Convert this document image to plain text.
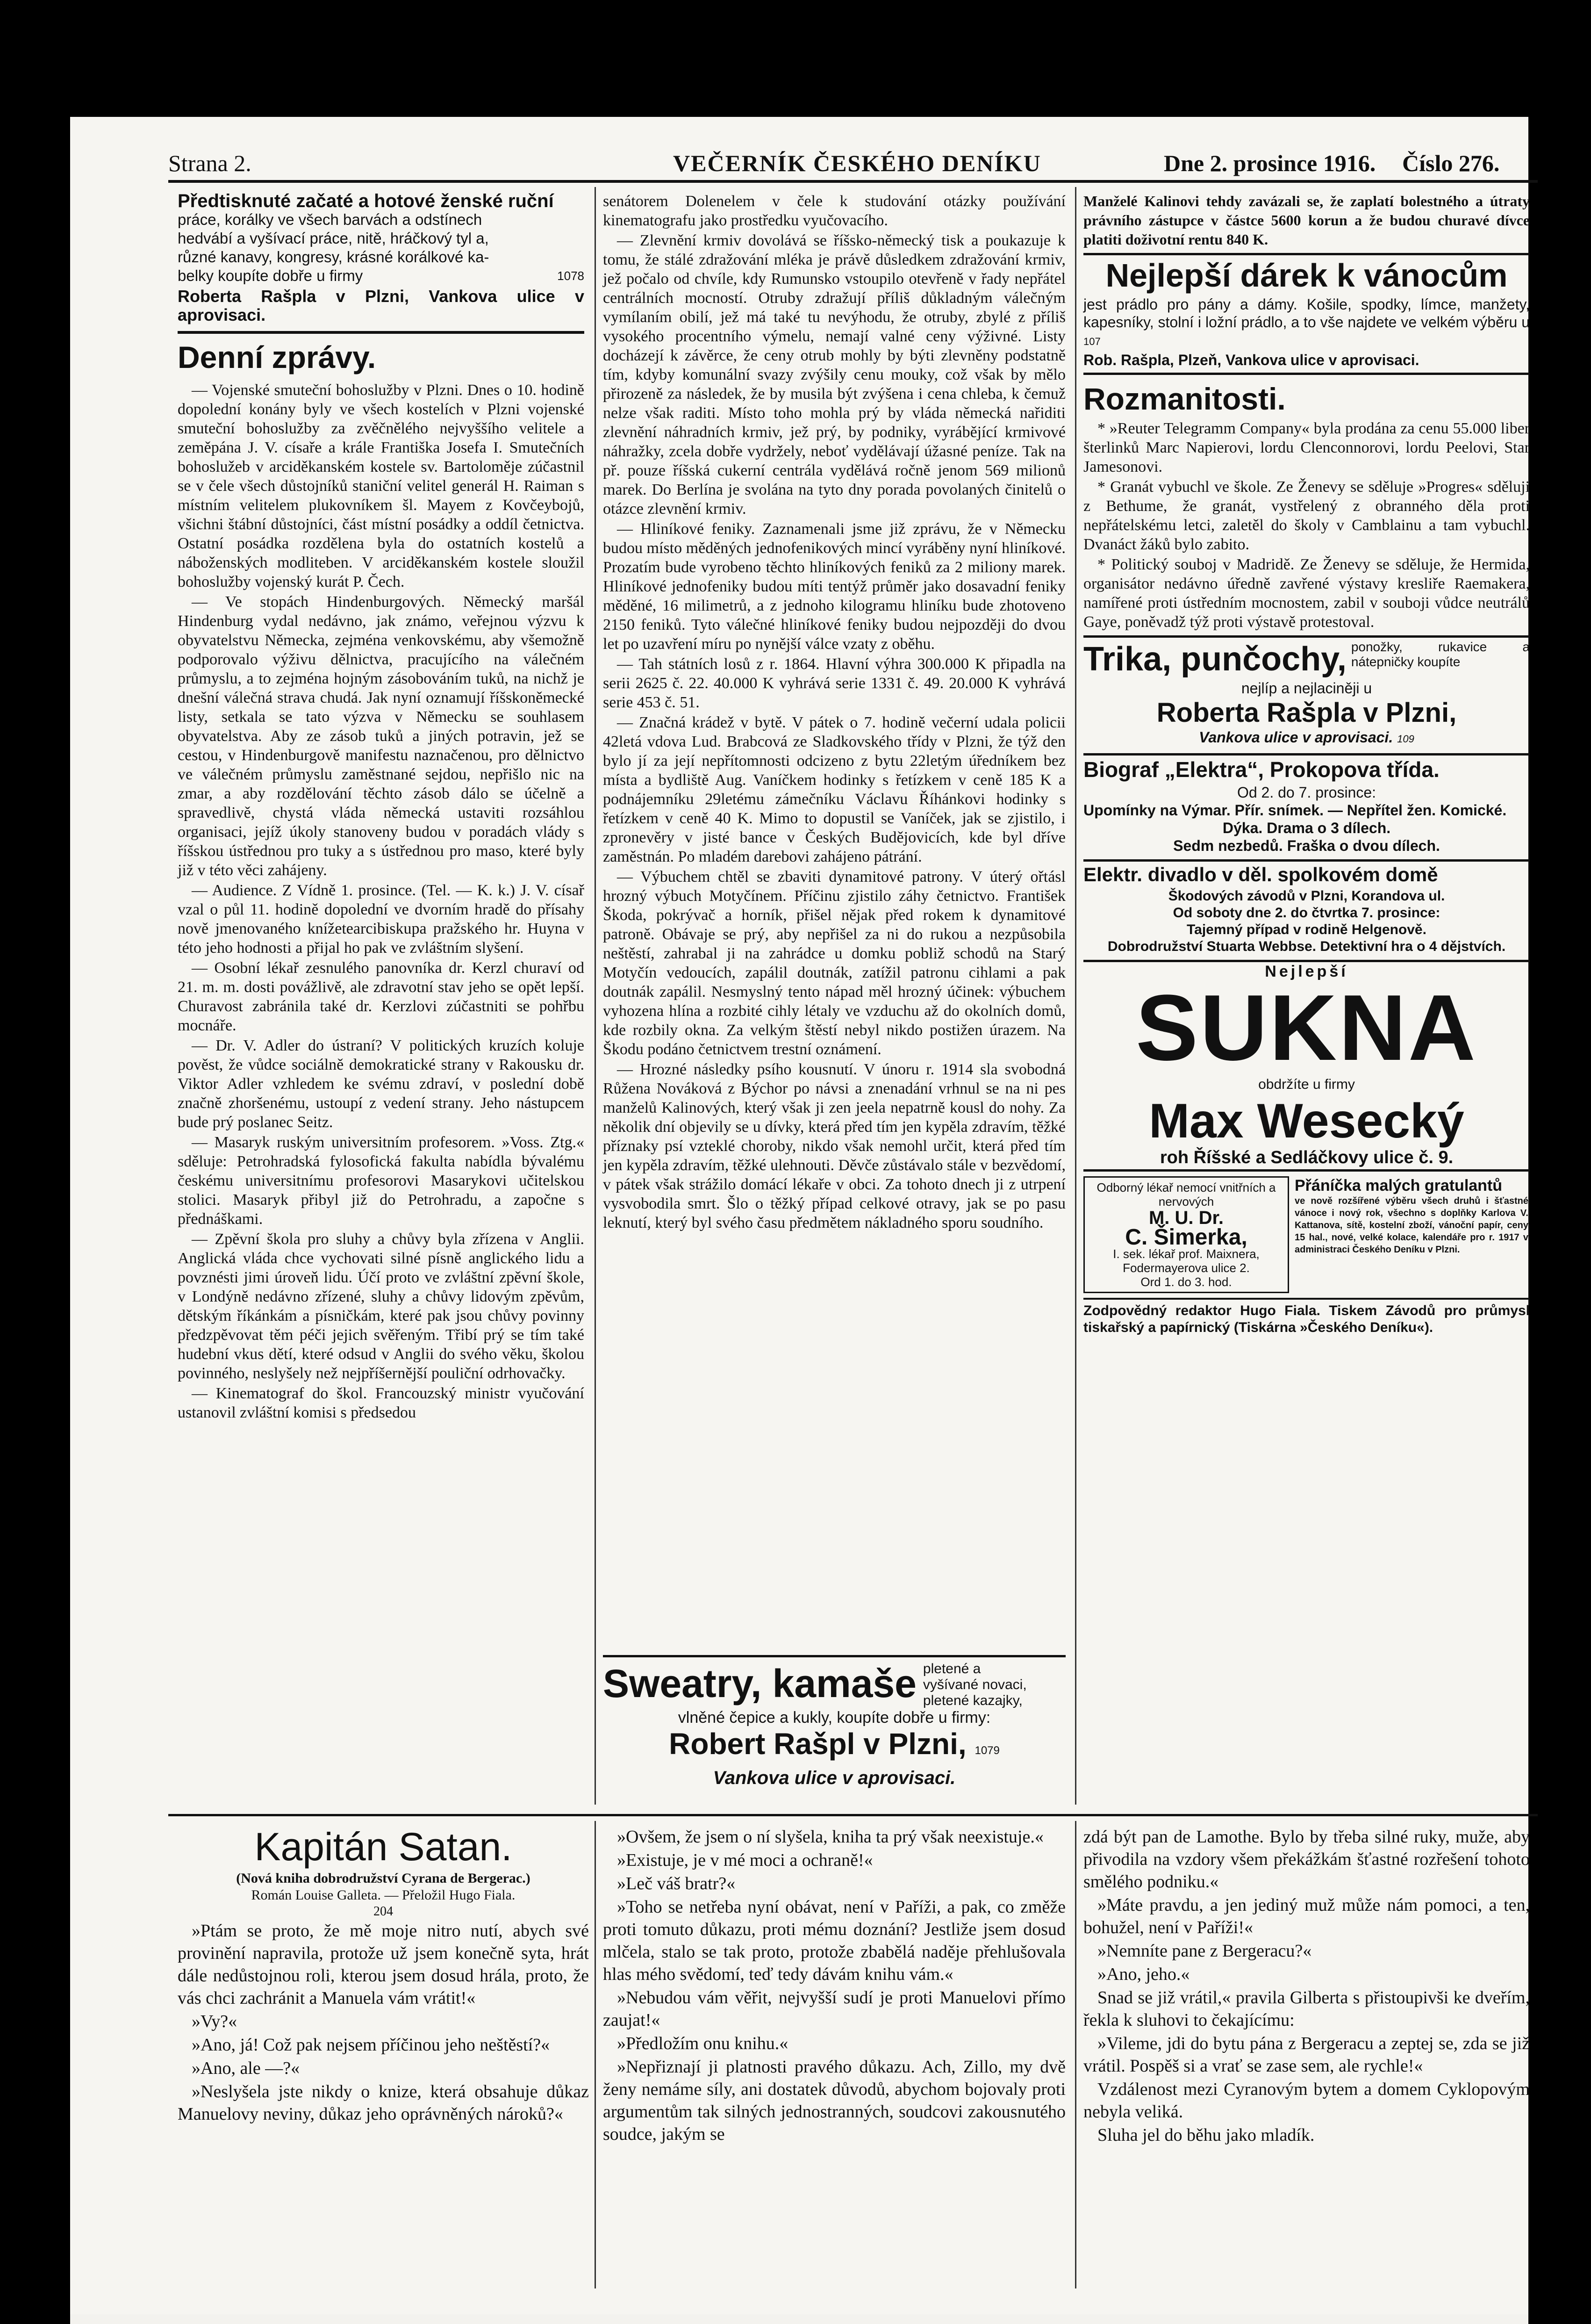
Strana 2.	VEČERNÍK ČESKÉHO DENÍKU	Dne 2. prosince 1916. Číslo 276.
Předtisknuté začaté a hotové ženské ruční
práce, korálky ve všech barvách a odstínech
hedvábí a vyšívací práce, nitě, hráčkový tyl a,
různé kanavy, kongresy, krásné korálkové ka-
belky koupíte dobře u firmy	1078
Roberta Rašpla v Plzni, Vankova ulice v aprovisaci.
Denní zprávy.

— Vojenské smuteční bohoslužby v Plzni. Dnes o 10. hodině dopolední konány byly ve všech kostelích v Plzni vojenské smuteční bohoslužby za zvěčnělého nejvyššího velitele a zeměpána J. V. císaře a krále Františka Josefa I. Smutečních bohoslužeb v arciděkanském kostele sv. Bartoloměje zúčastnil se v čele všech důstojníků staniční velitel generál H. Raiman s místním velitelem plukovníkem šl. Mayem z Kovčeybojů, všichni štábní důstojníci, část místní posádky a oddíl četnictva. Ostatní posádka rozdělena byla do ostatních kostelů a náboženských modliteben. V arciděkanském kostele sloužil bohoslužby vojenský kurát P. Čech.

— Ve stopách Hindenburgových. Německý maršál Hindenburg vydal nedávno, jak známo, veřejnou výzvu k obyvatelstvu Německa, zejména venkovskému, aby všemožně podporovalo výživu dělnictva, pracujícího na válečném průmyslu, a to zejména hojným zásobováním tuků, na nichž je dnešní válečná strava chudá. Jak nyní oznamují říšskoněmecké listy, setkala se tato výzva v Německu se souhlasem obyvatelstva. Aby ze zásob tuků a jiných potravin, jež se cestou, v Hindenburgově manifestu naznačenou, pro dělnictvo ve válečném průmyslu zaměstnané sejdou, nepřišlo nic na zmar, a aby rozdělování těchto zásob dálo se účelně a spravedlivě, chystá vláda německá ustaviti rozsáhlou organisaci, jejíž úkoly stanoveny budou v poradách vlády s říšskou ústřednou pro tuky a s ústřednou pro maso, které byly již v této věci zahájeny.

— Audience. Z Vídně 1. prosince. (Tel. — K. k.) J. V. císař vzal o půl 11. hodině dopolední ve dvorním hradě do přísahy nově jmenovaného knížetearcibiskupa pražského hr. Huyna v této jeho hodnosti a přijal ho pak ve zvláštním slyšení.

— Osobní lékař zesnulého panovníka dr. Kerzl churaví od 21. m. m. dosti povážlivě, ale zdravotní stav jeho se opět lepší. Churavost zabránila také dr. Kerzlovi zúčastniti se pohřbu mocnáře.

— Dr. V. Adler do ústraní? V politických kruzích koluje pověst, že vůdce sociálně demokratické strany v Rakousku dr. Viktor Adler vzhledem ke svému zdraví, v poslední době značně zhoršenému, ustoupí z vedení strany. Jeho nástupcem bude prý poslanec Seitz.

— Masaryk ruským universitním profesorem. »Voss. Ztg.« sděluje: Petrohradská fylosofická fakulta nabídla bývalému českému universitnímu profesorovi Masarykovi učitelskou stolici. Masaryk přibyl již do Petrohradu, a započne s přednáškami.

— Zpěvní škola pro sluhy a chůvy byla zřízena v Anglii. Anglická vláda chce vychovati silné písně anglického lidu a povznésti jimi úroveň lidu. Účí proto ve zvláštní zpěvní škole, v Londýně nedávno zřízené, sluhy a chůvy lidovým zpěvům, dětským říkánkám a písničkám, které pak jsou chůvy povinny předzpěvovat těm péči jejich svěřeným. Třibí prý se tím také hudební vkus dětí, které odsud v Anglii do svého věku, školou povinného, neslyšely než nejpříšernější pouliční odrhovačky.

— Kinematograf do škol. Francouzský ministr vyučování ustanovil zvláštní komisi s předsedou

senátorem Dolenelem v čele k studování otázky používání kinematografu jako prostředku vyučovacího.

— Zlevnění krmiv dovolává se říšsko-německý tisk a poukazuje k tomu, že stálé zdražování mléka je právě důsledkem zdražování krmiv, jež počalo od chvíle, kdy Rumunsko vstoupilo otevřeně v řady nepřátel centrálních mocností. Otruby zdražují příliš důkladným válečným vymílaním obilí, jež má také tu nevýhodu, že otruby, zbylé z příliš vysokého procentního výmelu, nemají valné ceny výživné. Listy docházejí k závěrce, že ceny otrub mohly by býti zlevněny podstatně tím, kdyby komunální svazy zvýšily cenu mouky, což však by mělo přirozeně za následek, že by musila být zvýšena i cena chleba, k čemuž nelze však raditi. Místo toho mohla prý by vláda německá nařiditi zlevnění náhradních krmiv, jež prý, by podniky, vyrábějící krmivové náhražky, zcela dobře vydržely, neboť vydělávají úžasné peníze. Tak na př. pouze říšská cukerní centrála vydělává ročně jenom 569 milionů marek. Do Berlína je svolána na tyto dny porada povolaných činitelů o otázce zlevnění krmiv.

— Hliníkové feniky. Zaznamenali jsme již zprávu, že v Německu budou místo měděných jednofenikových mincí vyráběny nyní hliníkové. Prozatím bude vyrobeno těchto hliníkových feniků za 2 miliony marek. Hliníkové jednofeniky budou míti tentýž průměr jako dosavadní feniky měděné, 16 milimetrů, a z jednoho kilogramu hliníku bude zhotoveno 2150 feniků. Tyto válečné hliníkové feniky budou nejpozději do dvou let po uzavření míru po nynější válce vzaty z oběhu.

— Tah státních losů z r. 1864. Hlavní výhra 300.000 K připadla na serii 2625 č. 22. 40.000 K vyhrává serie 1331 č. 49. 20.000 K vyhrává serie 453 č. 51.

— Značná krádež v bytě. V pátek o 7. hodině večerní udala policii 42letá vdova Lud. Brabcová ze Sladkovského třídy v Plzni, že týž den bylo jí za její nepřítomnosti odcizeno z bytu 22letým úředníkem bez místa a bydliště Aug. Vaníčkem hodinky s řetízkem v ceně 185 K a podnájemníku 29letému zámečníku Václavu Říhánkovi hodinky s řetízkem v ceně 40 K. Mimo to dopustil se Vaníček, jak se zjistilo, i zpronevěry v jisté bance v Českých Budějovicích, kde byl dříve zaměstnán. Po mladém darebovi zahájeno pátrání.

— Výbuchem chtěl se zbaviti dynamitové patrony. V úterý ořtásl hrozný výbuch Motyčínem. Příčinu zjistilo záhy četnictvo. František Škoda, pokrývač a horník, přišel nějak před rokem k dynamitové patroně. Obávaje se prý, aby nepřišel za ni do rukou a nezpůsobila neštěstí, zahrabal ji na zahrádce u domku pobliž schodů na Starý Motyčín vedoucích, zapálil doutnák, zatížil patronu cihlami a pak doutnák zapálil. Nesmyslný tento nápad měl hrozný účinek: výbuchem vyhozena hlína a rozbité cihly létaly ve vzduchu až do okolních domů, kde rozbily okna. Za velkým štěstí nebyl nikdo postižen úrazem. Na Škodu podáno četnictvem trestní oznámení.

— Hrozné následky psího kousnutí. V únoru r. 1914 sla svobodná Růžena Nováková z Býchor po návsi a znenadání vrhnul se na ni pes manželů Kalinových, který však ji zen jeela nepatrně kousl do nohy. Za několik dní objevily se u dívky, která před tím jen kypěla zdravím, těžké příznaky psí vzteklé choroby, nikdo však nemohl určit, která před tím jen kypěla zdravím, těžké ulehnouti. Děvče zůstávalo stále v bezvědomí, v pátek však strážilo domácí lékaře v obci. Za tohoto dnech ji z utrpení vysvobodila smrt. Šlo o těžký případ celkové otravy, jak se po pasu leknutí, který byl svého času předmětem nákladného sporu soudního.

Sweatry, kamaše pletené a vyšívané novaci, pletené kazajky,
vlněné čepice a kukly, koupíte dobře u firmy:
Robert Rašpl v Plzni, 1079
Vankova ulice v aprovisaci.

Manželé Kalinovi tehdy zavázali se, že zaplatí bolestného a útraty právního zástupce v částce 5600 korun a že budou churavé dívce platiti doživotní rentu 840 K.

Nejlepší dárek k vánocům
jest prádlo pro pány a dámy. Košile, spodky, límce, manžety, kapesníky, stolní i ložní prádlo, a to vše najdete ve velkém výběru u 107
Rob. Rašpla, Plzeň, Vankova ulice v aprovisaci.
Rozmanitosti.

* »Reuter Telegramm Company« byla prodána za cenu 55.000 liber šterlinků Marc Napierovi, lordu Clenconnorovi, lordu Peelovi, Star Jamesonovi.

* Granát vybuchl ve škole. Ze Ženevy se sděluje »Progres« sděluji z Bethume, že granát, vystřelený z obranného děla proti nepřátelskému letci, zaletěl do školy v Camblainu a tam vybuchl. Dvanáct žáků bylo zabito.

* Politický souboj v Madridě. Ze Ženevy se sděluje, že Hermida, organisátor nedávno úředně zavřené výstavy kresliře Raemakera, namířené proti ústředním mocnostem, zabil v souboji vůdce neutrálů Gaye, poněvadž týž proti výstavě protestoval.

Trika, punčochy, ponožky, rukavice a nátepničky koupíte
nejlíp a nejlaciněji u
Roberta Rašpla v Plzni,
Vankova ulice v aprovisaci. 109
Biograf „Elektra“, Prokopova třída.
Od 2. do 7. prosince:
Upomínky na Výmar. Přír. snímek. — Nepřítel žen. Komické.
Dýka. Drama o 3 dílech.
Sedm nezbedů. Fraška o dvou dílech.
Elektr. divadlo v děl. spolkovém domě
Škodových závodů v Plzni, Korandova ul.
Od soboty dne 2. do čtvrtka 7. prosince:
Tajemný případ v rodině Helgenově.
Dobrodružství Stuarta Webbse. Detektivní hra o 4 dějstvích.
Nejlepší
SUKNA
obdržíte u firmy
Max Wesecký
roh Říšské a Sedláčkovy ulice č. 9.
Odborný lékař nemocí vnitřních a nervových
M. U. Dr.
C. Šimerka,
I. sek. lékař prof. Maixnera,
Fodermayerova ulice 2.
Ord 1. do 3. hod.
Přáníčka malých gratulantů
ve nově rozšířené výběru všech druhů i šťastné vánoce i nový rok, všechno s doplňky Karlova V. Kattanova, sítě, kostelní zboží, vánoční papír, ceny 15 hal., nové, velké kolace, kalendáře pro r. 1917 v administraci Českého Deníku v Plzni.
Zodpovědný redaktor Hugo Fiala. Tiskem Závodů pro průmysl tiskařský a papírnický (Tiskárna »Českého Deníku«).
Kapitán Satan.
(Nová kniha dobrodružství Cyrana de Bergerac.)
Román Louise Galleta. — Přeložil Hugo Fiala.
204

»Ptám se proto, že mě moje nitro nutí, abych své provinění napravila, protože už jsem konečně syta, hrát dále nedůstojnou roli, kterou jsem dosud hrála, proto, že vás chci zachránit a Manuela vám vrátit!«

»Vy?«

»Ano, já! Což pak nejsem příčinou jeho neštěstí?«

»Ano, ale —?«

»Neslyšela jste nikdy o knize, která obsahuje důkaz Manuelovy neviny, důkaz jeho oprávněných nároků?«

»Ovšem, že jsem o ní slyšela, kniha ta prý však neexistuje.«

»Existuje, je v mé moci a ochraně!«

»Leč váš bratr?«

»Toho se netřeba nyní obávat, není v Paříži, a pak, co změže proti tomuto důkazu, proti mému doznání? Jestliže jsem dosud mlčela, stalo se tak proto, protože zbabělá naděje přehlušovala hlas mého svědomí, teď tedy dávám knihu vám.«

»Nebudou vám věřit, nejvyšší sudí je proti Manuelovi přímo zaujat!«

»Předložím onu knihu.«

»Nepřiznají ji platnosti pravého důkazu. Ach, Zillo, my dvě ženy nemáme síly, ani dostatek důvodů, abychom bojovaly proti argumentům tak silných jednostranných, soudcovi zakousnutého soudce, jakým se

zdá být pan de Lamothe. Bylo by třeba silné ruky, muže, aby přivodila na vzdory všem překážkám šťastné rozřešení tohoto smělého podniku.«

»Máte pravdu, a jen jediný muž může nám pomoci, a ten, bohužel, není v Paříži!«

»Nemníte pane z Bergeracu?«

»Ano, jeho.«

Snad se již vrátil,« pravila Gilberta s přistoupivši ke dveřím, řekla k sluhovi to čekajícímu:

»Vileme, jdi do bytu pána z Bergeracu a zeptej se, zda se již vrátil. Pospěš si a vrať se zase sem, ale rychle!«

Vzdálenost mezi Cyranovým bytem a domem Cyklopovým nebyla veliká.

Sluha jel do běhu jako mladík.
